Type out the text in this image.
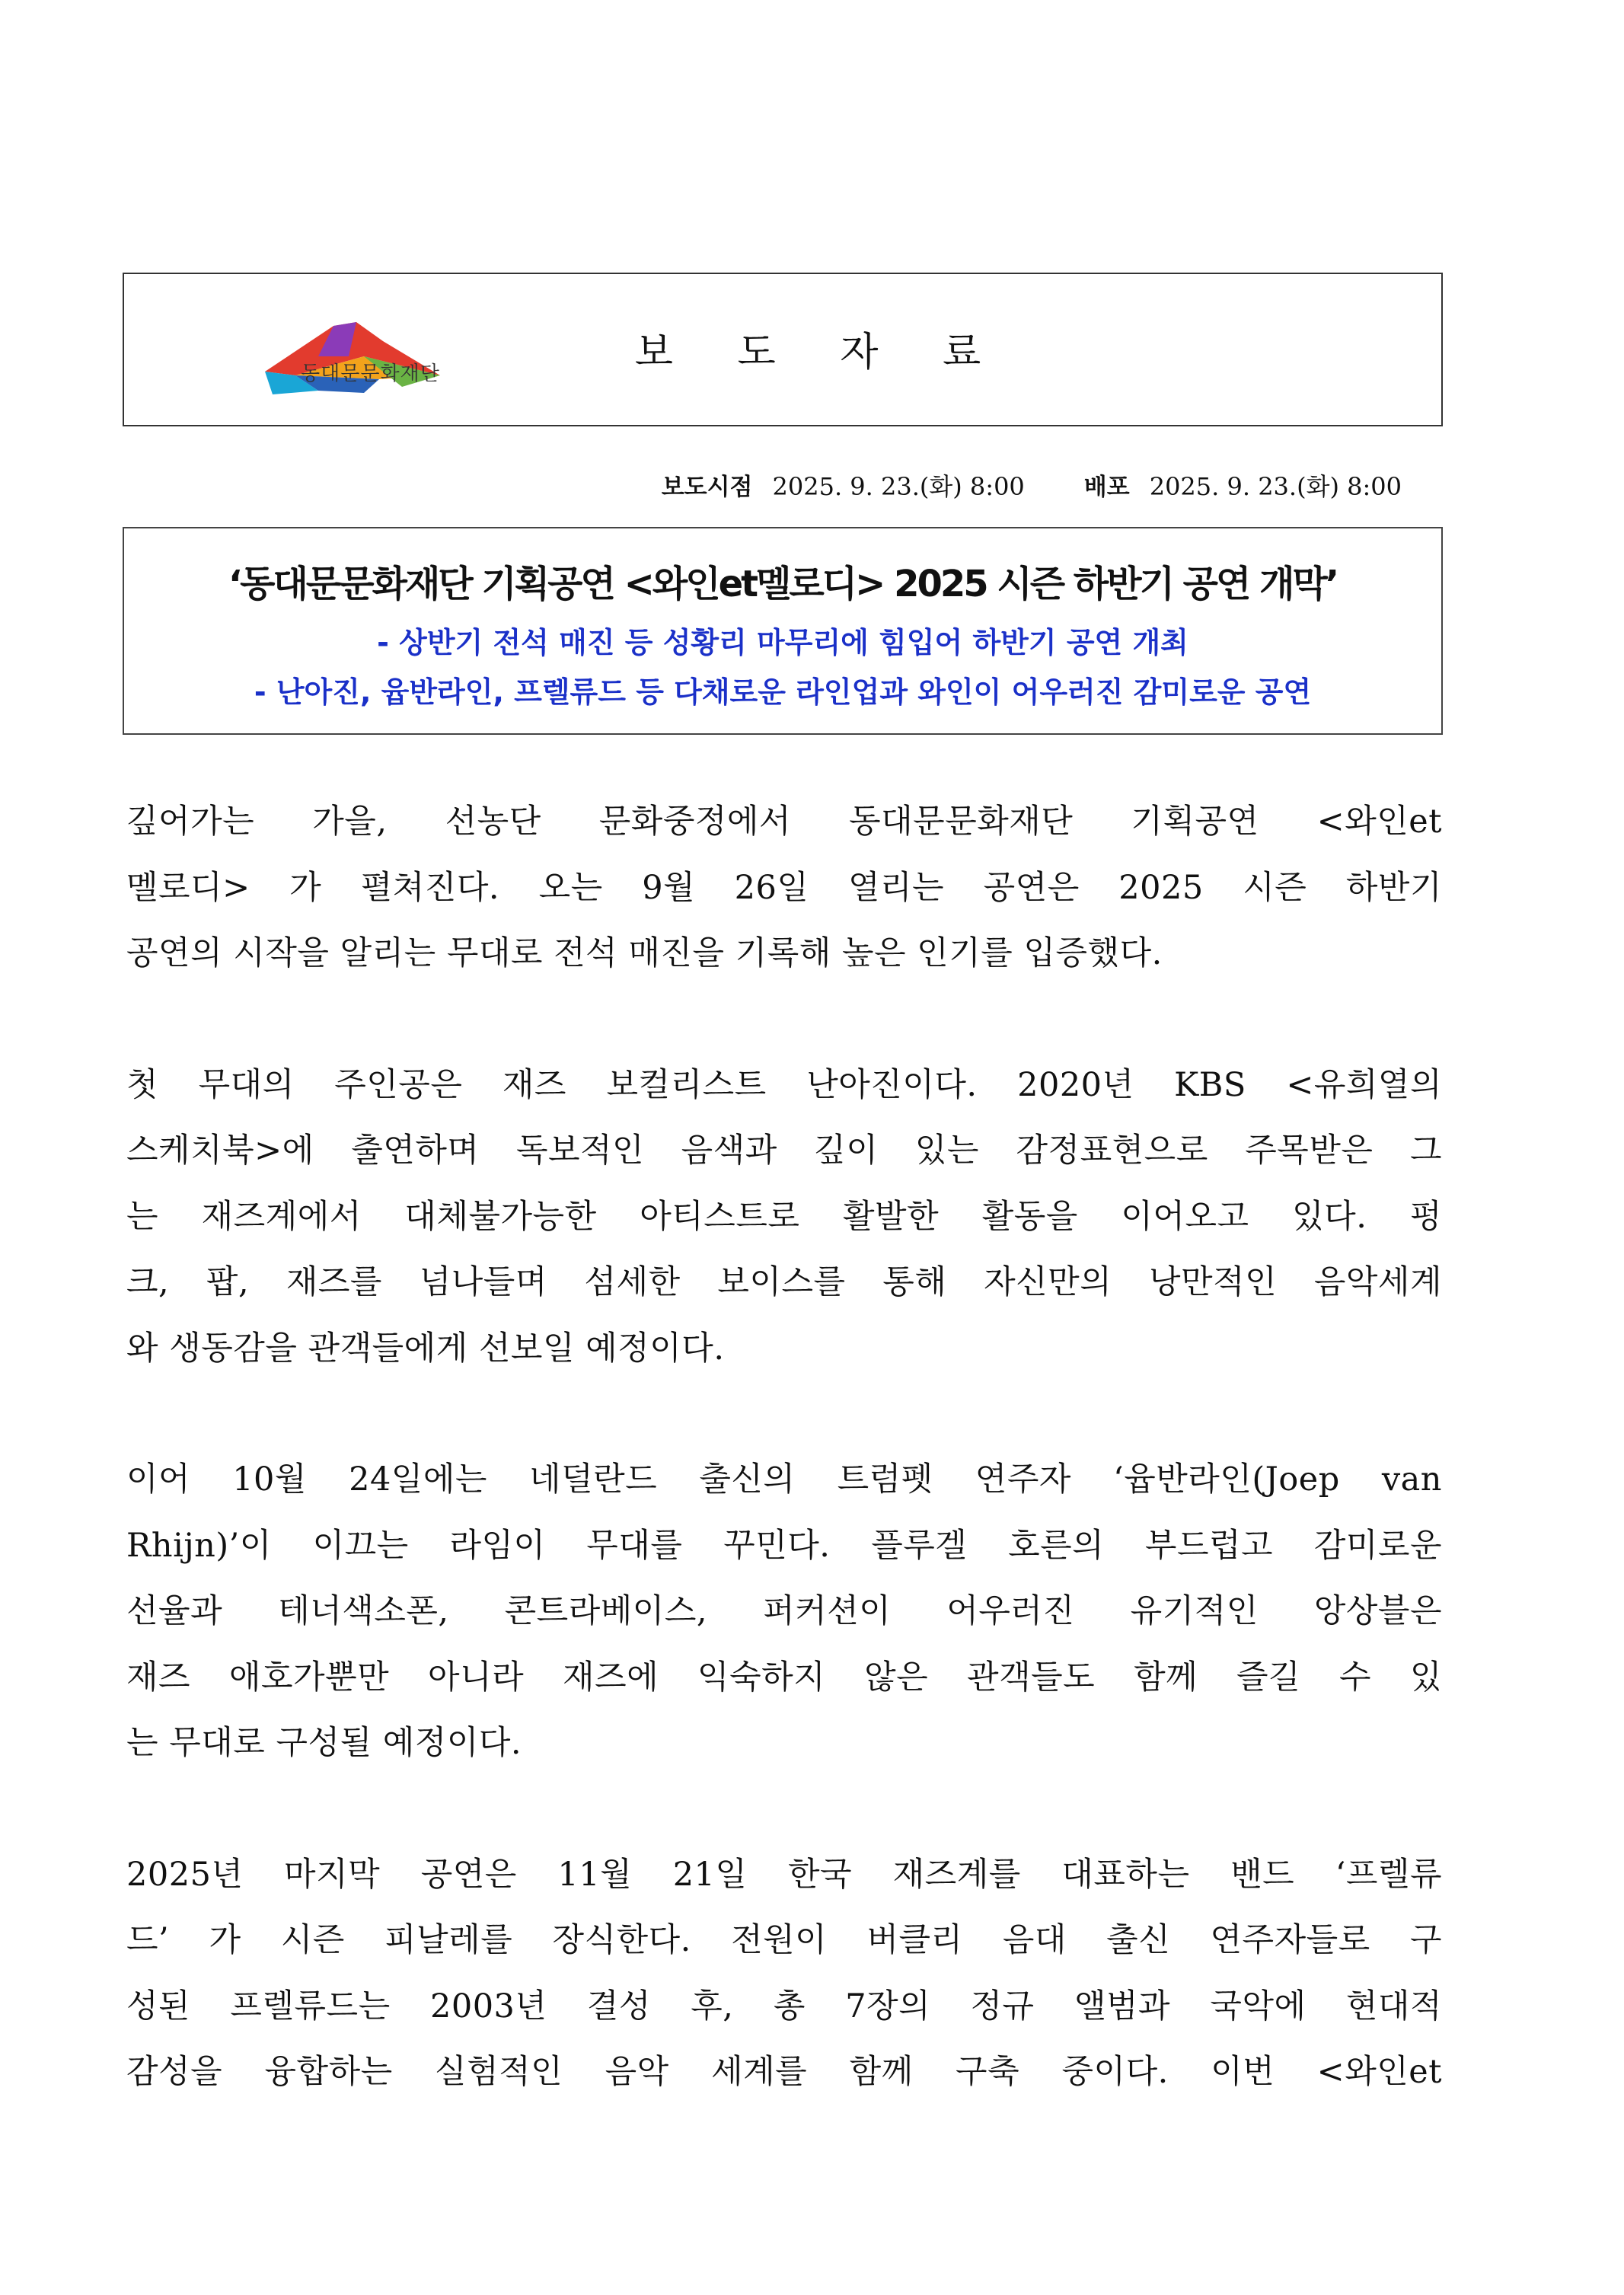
보 도 자 료
동대문문화재단
보도시점 2025. 9. 23.(화) 8:00	배포 2025. 9. 23.(화) 8:00
‘동대문문화재단 기획공연 <와인et멜로디> 2025 시즌 하반기 공연 개막’
- 상반기 전석 매진 등 성황리 마무리에 힘입어 하반기 공연 개최
- 난아진, 윱반라인, 프렐류드 등 다채로운 라인업과 와인이 어우러진 감미로운 공연
깊어가는 가을, 선농단 문화중정에서 동대문문화재단 기획공연 <와인et
멜로디> 가 펼쳐진다. 오는 9월 26일 열리는 공연은 2025 시즌 하반기
공연의 시작을 알리는 무대로 전석 매진을 기록해 높은 인기를 입증했다.
첫 무대의 주인공은 재즈 보컬리스트 난아진이다. 2020년 KBS <유희열의
스케치북>에 출연하며 독보적인 음색과 깊이 있는 감정표현으로 주목받은 그
는 재즈계에서 대체불가능한 아티스트로 활발한 활동을 이어오고 있다. 펑
크, 팝, 재즈를 넘나들며 섬세한 보이스를 통해 자신만의 낭만적인 음악세계
와 생동감을 관객들에게 선보일 예정이다.
이어 10월 24일에는 네덜란드 출신의 트럼펫 연주자 ‘윱반라인(Joep van
Rhijn)’이 이끄는 라임이 무대를 꾸민다. 플루겔 호른의 부드럽고 감미로운
선율과 테너색소폰, 콘트라베이스, 퍼커션이 어우러진 유기적인 앙상블은
재즈 애호가뿐만 아니라 재즈에 익숙하지 않은 관객들도 함께 즐길 수 있
는 무대로 구성될 예정이다.
2025년 마지막 공연은 11월 21일 한국 재즈계를 대표하는 밴드 ‘프렐류
드’ 가 시즌 피날레를 장식한다. 전원이 버클리 음대 출신 연주자들로 구
성된 프렐류드는 2003년 결성 후, 총 7장의 정규 앨범과 국악에 현대적
감성을 융합하는 실험적인 음악 세계를 함께 구축 중이다. 이번 <와인et
